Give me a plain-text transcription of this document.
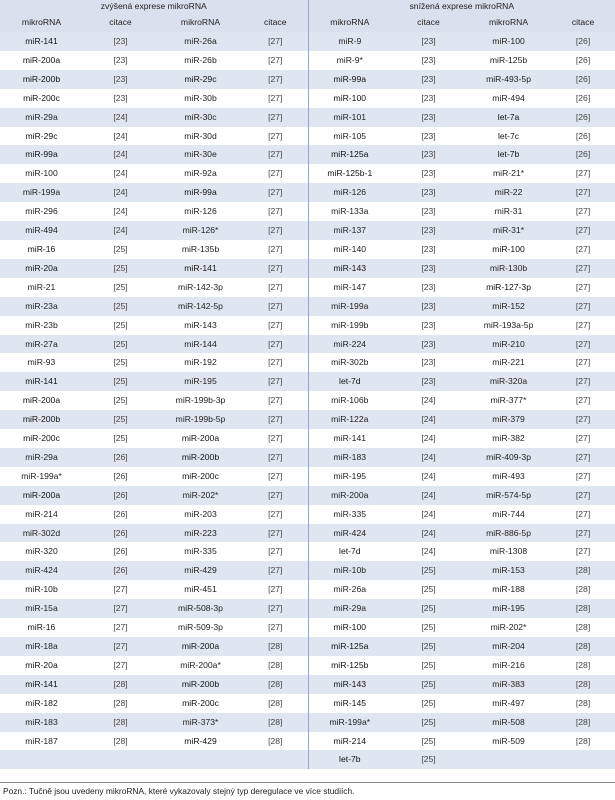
zvýšená exprese mikroRNA				snížená exprese mikroRNA			
mikroRNA	citace	mikroRNA	citace	mikroRNA	citace	mikroRNA	citace
miR-141	[23]	miR-26a	[27]	miR-9	[23]	miR-100	[26]
miR-200a	[23]	miR-26b	[27]	miR-9*	[23]	miR-125b	[26]
miR-200b	[23]	miR-29c	[27]	miR-99a	[23]	miR-493-5p	[26]
miR-200c	[23]	miR-30b	[27]	miR-100	[23]	miR-494	[26]
miR-29a	[24]	miR-30c	[27]	miR-101	[23]	let-7a	[26]
miR-29c	[24]	miR-30d	[27]	miR-105	[23]	let-7c	[26]
miR-99a	[24]	miR-30e	[27]	miR-125a	[23]	let-7b	[26]
miR-100	[24]	miR-92a	[27]	miR-125b-1	[23]	miR-21*	[27]
miR-199a	[24]	miR-99a	[27]	miR-126	[23]	miR-22	[27]
miR-296	[24]	miR-126	[27]	miR-133a	[23]	miR-31	[27]
miR-494	[24]	miR-126*	[27]	miR-137	[23]	miR-31*	[27]
miR-16	[25]	miR-135b	[27]	miR-140	[23]	miR-100	[27]
miR-20a	[25]	miR-141	[27]	miR-143	[23]	miR-130b	[27]
miR-21	[25]	miR-142-3p	[27]	miR-147	[23]	miR-127-3p	[27]
miR-23a	[25]	miR-142-5p	[27]	miR-199a	[23]	miR-152	[27]
miR-23b	[25]	miR-143	[27]	miR-199b	[23]	miR-193a-5p	[27]
miR-27a	[25]	miR-144	[27]	miR-224	[23]	miR-210	[27]
miR-93	[25]	miR-192	[27]	miR-302b	[23]	miR-221	[27]
miR-141	[25]	miR-195	[27]	let-7d	[23]	miR-320a	[27]
miR-200a	[25]	miR-199b-3p	[27]	miR-106b	[24]	miR-377*	[27]
miR-200b	[25]	miR-199b-5p	[27]	miR-122a	[24]	miR-379	[27]
miR-200c	[25]	miR-200a	[27]	miR-141	[24]	miR-382	[27]
miR-29a	[26]	miR-200b	[27]	miR-183	[24]	miR-409-3p	[27]
miR-199a*	[26]	miR-200c	[27]	miR-195	[24]	miR-493	[27]
miR-200a	[26]	miR-202*	[27]	miR-200a	[24]	miR-574-5p	[27]
miR-214	[26]	miR-203	[27]	miR-335	[24]	miR-744	[27]
miR-302d	[26]	miR-223	[27]	miR-424	[24]	miR-886-5p	[27]
miR-320	[26]	miR-335	[27]	let-7d	[24]	miR-1308	[27]
miR-424	[26]	miR-429	[27]	miR-10b	[25]	miR-153	[28]
miR-10b	[27]	miR-451	[27]	miR-26a	[25]	miR-188	[28]
miR-15a	[27]	miR-508-3p	[27]	miR-29a	[25]	miR-195	[28]
miR-16	[27]	miR-509-3p	[27]	miR-100	[25]	miR-202*	[28]
miR-18a	[27]	miR-200a	[28]	miR-125a	[25]	miR-204	[28]
miR-20a	[27]	miR-200a*	[28]	miR-125b	[25]	miR-216	[28]
miR-141	[28]	miR-200b	[28]	miR-143	[25]	miR-383	[28]
miR-182	[28]	miR-200c	[28]	miR-145	[25]	miR-497	[28]
miR-183	[28]	miR-373*	[28]	miR-199a*	[25]	miR-508	[28]
miR-187	[28]	miR-429	[28]	miR-214	[25]	miR-509	[28]
				let-7b	[25]		
Pozn.: Tučně jsou uvedeny mikroRNA, které vykazovaly stejný typ deregulace ve více studiích.
